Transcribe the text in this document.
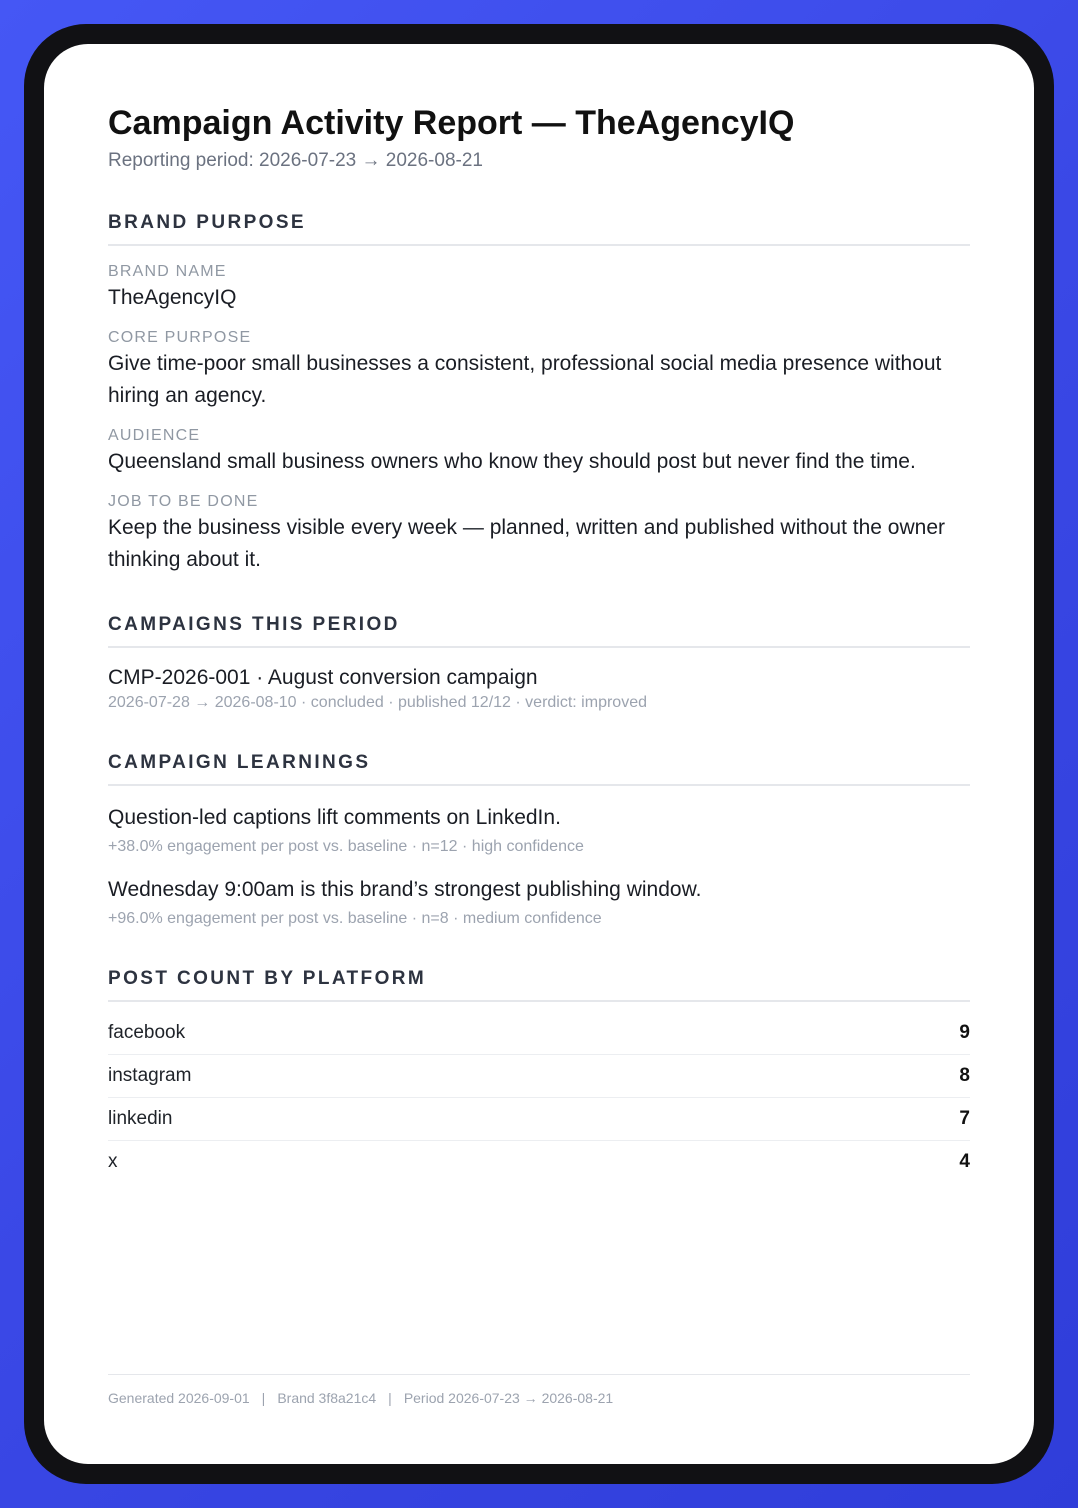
Campaign Activity Report — TheAgencyIQ
Reporting period: 2026-07-23 → 2026-08-21
BRAND PURPOSE
BRAND NAME
TheAgencyIQ
CORE PURPOSE
Give time-poor small businesses a consistent, professional social media presence without hiring an agency.
AUDIENCE
Queensland small business owners who know they should post but never find the time.
JOB TO BE DONE
Keep the business visible every week — planned, written and published without the owner thinking about it.
CAMPAIGNS THIS PERIOD
CMP-2026-001 · August conversion campaign
2026-07-28 → 2026-08-10 · concluded · published 12/12 · verdict: improved
CAMPAIGN LEARNINGS
Question-led captions lift comments on LinkedIn.
+38.0% engagement per post vs. baseline · n=12 · high confidence
Wednesday 9:00am is this brand’s strongest publishing window.
+96.0% engagement per post vs. baseline · n=8 · medium confidence
POST COUNT BY PLATFORM
facebook	9
instagram	8
linkedin	7
x	4
Generated 2026-09-01 | Brand 3f8a21c4 | Period 2026-07-23 → 2026-08-21
